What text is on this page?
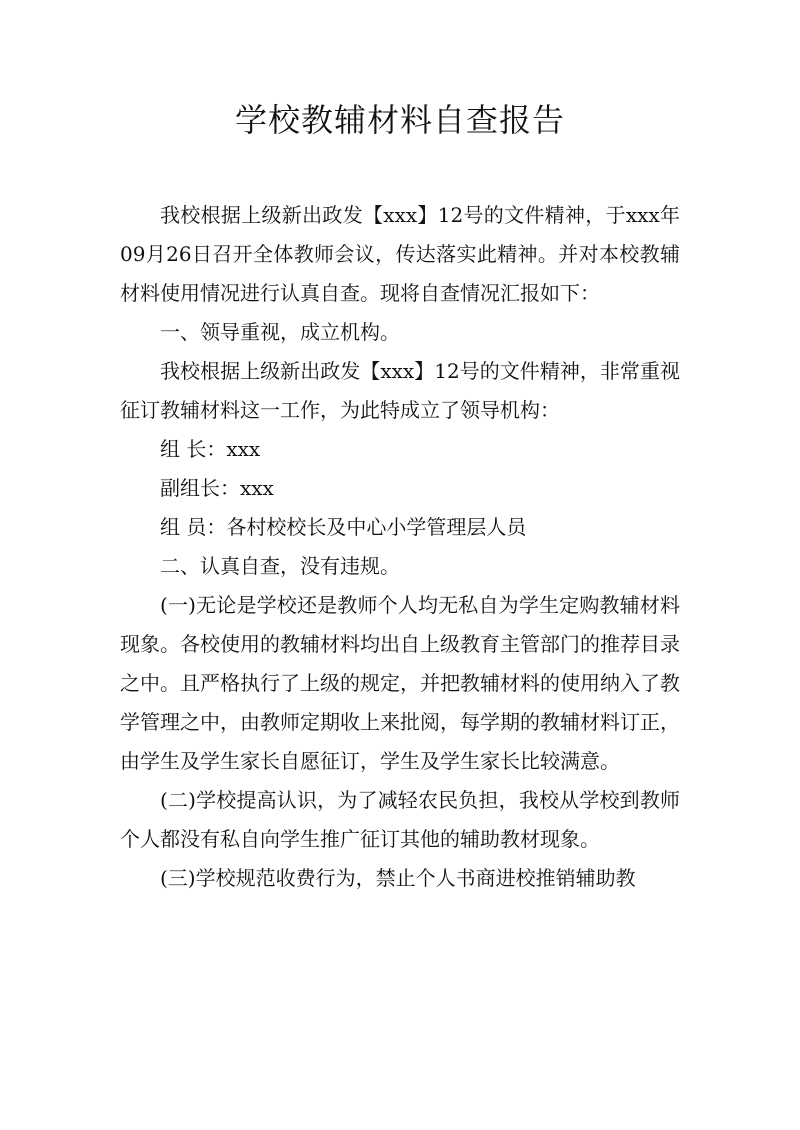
学校教辅材料自查报告

我校根据上级新出政发【xxx】12号的文件精神，于xxx年09月26日召开全体教师会议，传达落实此精神。并对本校教辅材料使用情况进行认真自查。现将自查情况汇报如下：

一、领导重视，成立机构。

我校根据上级新出政发【xxx】12号的文件精神，非常重视征订教辅材料这一工作，为此特成立了领导机构：

组 长：xxx

副组长：xxx

组 员：各村校校长及中心小学管理层人员

二、认真自查，没有违规。

(一)无论是学校还是教师个人均无私自为学生定购教辅材料现象。各校使用的教辅材料均出自上级教育主管部门的推荐目录之中。且严格执行了上级的规定，并把教辅材料的使用纳入了教学管理之中，由教师定期收上来批阅，每学期的教辅材料订正，由学生及学生家长自愿征订，学生及学生家长比较满意。

(二)学校提高认识，为了减轻农民负担，我校从学校到教师个人都没有私自向学生推广征订其他的辅助教材现象。

(三)学校规范收费行为，禁止个人书商进校推销辅助教
